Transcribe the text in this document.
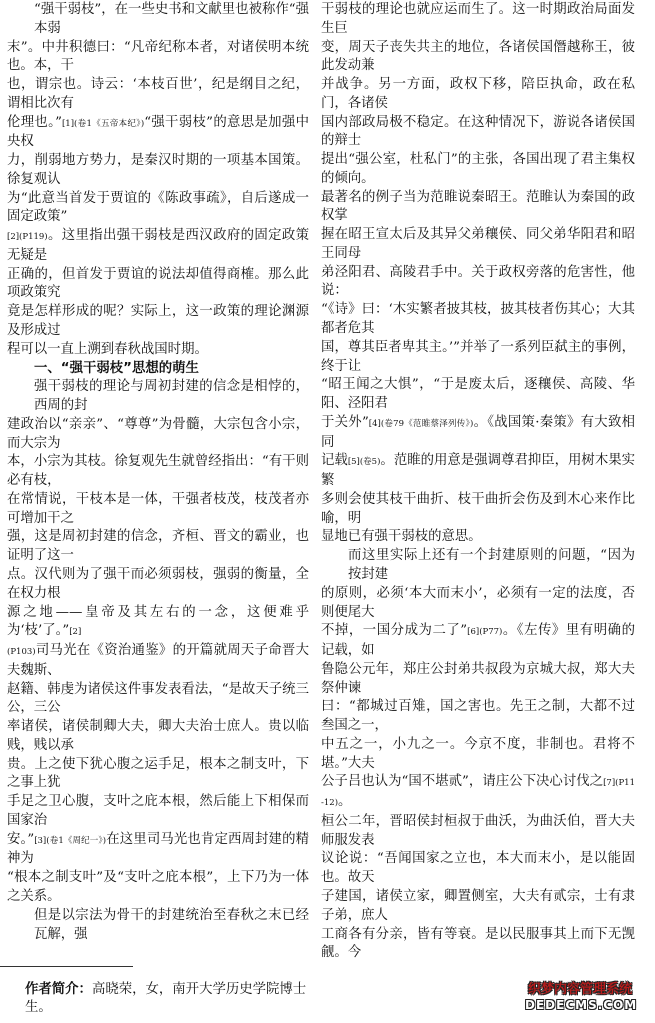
“强干弱枝”，在一些史书和文献里也被称作“强本弱
末”。中井积德曰：“凡帝纪称本者，对诸侯明本统也。本，干
也，谓宗也。诗云：‘本枝百世’，纪是纲目之纪，谓相比次有
伦理也。”[1](卷1《五帝本纪》)“强干弱枝”的意思是加强中央权
力，削弱地方势力，是秦汉时期的一项基本国策。徐复观认
为“此意当首发于贾谊的《陈政事疏》，自后遂成一固定政策”
[2](P119)。这里指出强干弱枝是西汉政府的固定政策无疑是
正确的，但首发于贾谊的说法却值得商榷。那么此项政策究
竟是怎样形成的呢？实际上，这一政策的理论渊源及形成过
程可以一直上溯到春秋战国时期。
一、“强干弱枝”思想的萌生
强干弱枝的理论与周初封建的信念是相悖的，西周的封
建政治以“亲亲”、“尊尊”为骨髓，大宗包含小宗，而大宗为
本，小宗为其枝。徐复观先生就曾经指出：“有干则必有枝，
在常情说，干枝本是一体，干强者枝茂，枝茂者亦可增加干之
强，这是周初封建的信念，齐桓、晋文的霸业，也证明了这一
点。汉代则为了强干而必须弱枝，强弱的衡量，全在权力根
源之地——皇帝及其左右的一念，这便难乎为‘枝’了。”[2]
(P103)司马光在《资治通鉴》的开篇就周天子命晋大夫魏斯、
赵籍、韩虔为诸侯这件事发表看法，“是故天子统三公，三公
率诸侯，诸侯制卿大夫，卿大夫治士庶人。贵以临贱，贱以承
贵。上之使下犹心腹之运手足，根本之制支叶，下之事上犹
手足之卫心腹，支叶之庇本根，然后能上下相保而国家治
安。”[3](卷1《周纪一》)在这里司马光也肯定西周封建的精神为
“根本之制支叶”及“支叶之庇本根”，上下乃为一体之关系。
但是以宗法为骨干的封建统治至春秋之末已经瓦解，强
作者简介：高晓荣，女，南开大学历史学院博士生。
干弱枝的理论也就应运而生了。这一时期政治局面发生巨
变，周天子丧失共主的地位，各诸侯国僭越称王，彼此发动兼
并战争。另一方面，政权下移，陪臣执命，政在私门，各诸侯
国内部政局极不稳定。在这种情况下，游说各诸侯国的辩士
提出“强公室，杜私门”的主张，各国出现了君主集权的倾向。
最著名的例子当为范睢说秦昭王。范睢认为秦国的政权掌
握在昭王宣太后及其异父弟穰侯、同父弟华阳君和昭王同母
弟泾阳君、高陵君手中。关于政权旁落的危害性，他说：
“《诗》曰：‘木实繁者披其枝，披其枝者伤其心；大其都者危其
国，尊其臣者卑其主。’”并举了一系列臣弑主的事例，终于让
“昭王闻之大惧”，“于是废太后，逐穰侯、高陵、华阳、泾阳君
于关外”[4](卷79《范睢蔡泽列传》)。《战国策·秦策》有大致相同
记载[5](卷5)。范睢的用意是强调尊君抑臣，用树木果实繁
多则会使其枝干曲折、枝干曲折会伤及到木心来作比喻，明
显地已有强干弱枝的意思。
而这里实际上还有一个封建原则的问题，“因为按封建
的原则，必须‘本大而末小’，必须有一定的法度，否则便尾大
不掉，一国分成为二了”[6](P77)。《左传》里有明确的记载，如
鲁隐公元年，郑庄公封弟共叔段为京城大叔，郑大夫祭仲谏
曰：“都城过百雉，国之害也。先王之制，大都不过叁国之一，
中五之一，小九之一。今京不度，非制也。君将不堪。”大夫
公子吕也认为“国不堪贰”，请庄公下决心讨伐之[7](P11-12)。
桓公二年，晋昭侯封桓叔于曲沃，为曲沃伯，晋大夫师服发表
议论说：“吾闻国家之立也，本大而末小，是以能固也。故天
子建国，诸侯立家，卿置侧室，大夫有贰宗，士有隶子弟，庶人
工商各有分亲，皆有等衰。是以民服事其上而下无觊觎。今
织梦内容管理系统
DEDECMS.COM
